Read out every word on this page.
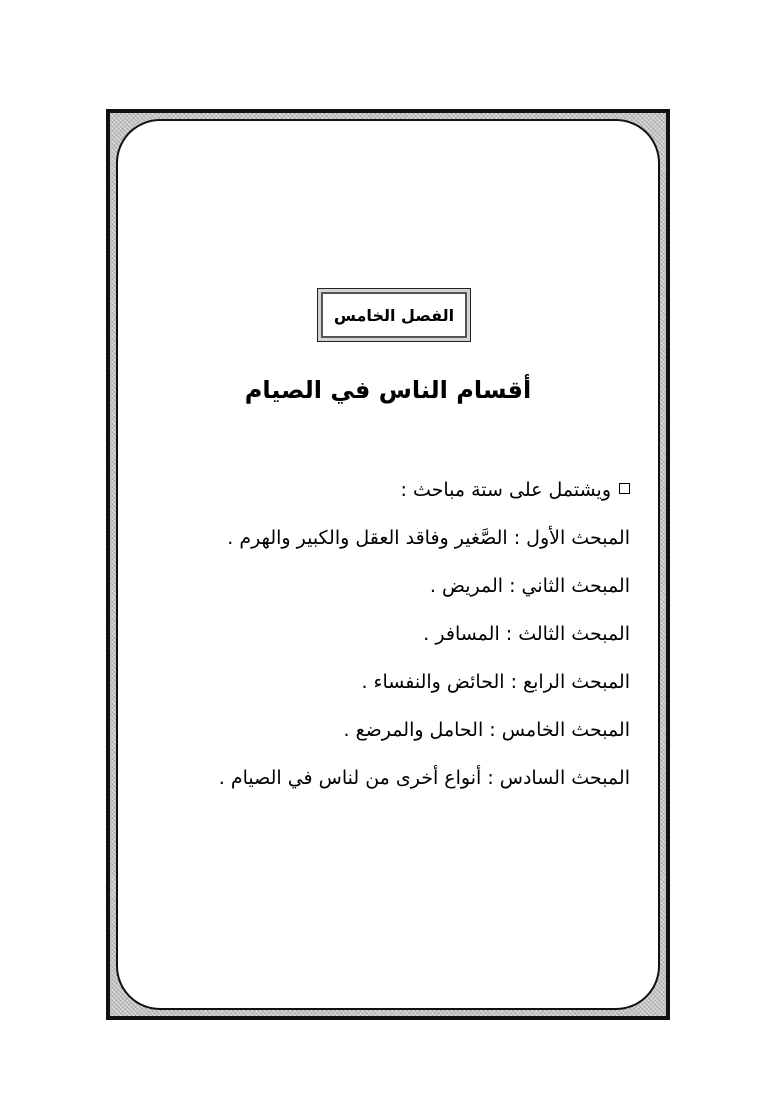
الفصل الخامس
أقسام الناس في الصيام
ويشتمل على ستة مباحث :
المبحث الأول : الصَّغير وفاقد العقل والكبير والهرم .
المبحث الثاني : المريض .
المبحث الثالث : المسافر .
المبحث الرابع : الحائض والنفساء .
المبحث الخامس : الحامل والمرضع .
المبحث السادس : أنواع أخرى من لناس في الصيام .
